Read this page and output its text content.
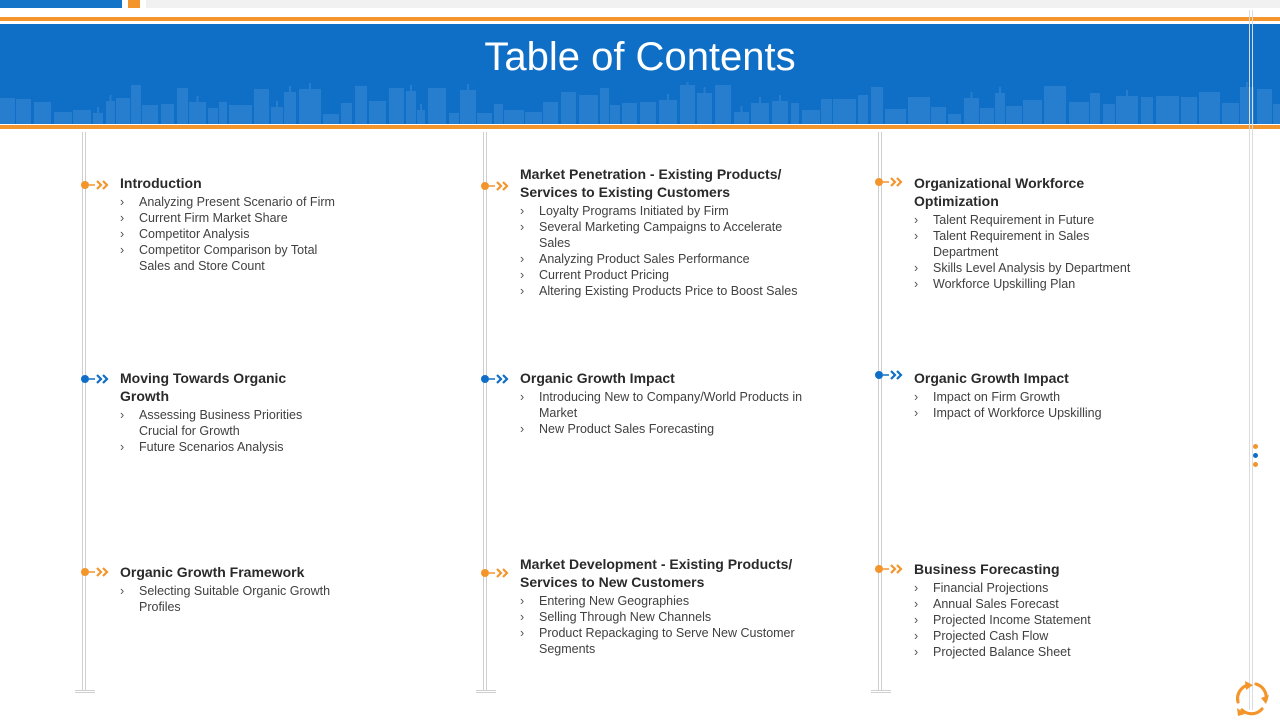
Table of Contents

Introduction

› Analyzing Present Scenario of Firm
› Current Firm Market Share
› Competitor Analysis
› Competitor Comparison by Total Sales and Store Count

Market Penetration - Existing Products/ Services to Existing Customers

› Loyalty Programs Initiated by Firm
› Several Marketing Campaigns to Accelerate Sales
› Analyzing Product Sales Performance
› Current Product Pricing
› Altering Existing Products Price to Boost Sales

Organizational Workforce Optimization

› Talent Requirement in Future
› Talent Requirement in Sales Department
› Skills Level Analysis by Department
› Workforce Upskilling Plan

Moving Towards Organic Growth

› Assessing Business Priorities Crucial for Growth
› Future Scenarios Analysis

Organic Growth Impact

› Introducing New to Company/World Products in Market
› New Product Sales Forecasting

Organic Growth Impact

› Impact on Firm Growth
› Impact of Workforce Upskilling

Organic Growth Framework

› Selecting Suitable Organic Growth Profiles

Market Development - Existing Products/ Services to New Customers

› Entering New Geographies
› Selling Through New Channels
› Product Repackaging to Serve New Customer Segments

Business Forecasting

› Financial Projections
› Annual Sales Forecast
› Projected Income Statement
› Projected Cash Flow
› Projected Balance Sheet
